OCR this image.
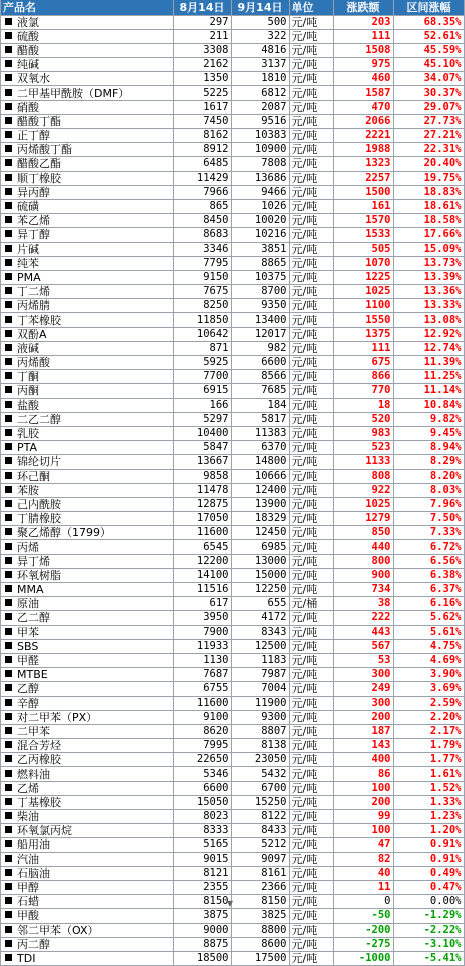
产品名	8月14日	9月14日	单位	涨跌额	区间涨幅
液氯	297	500	元/吨	203	68.35%
硫酸	211	322	元/吨	111	52.61%
醋酸	3308	4816	元/吨	1508	45.59%
纯碱	2162	3137	元/吨	975	45.10%
双氧水	1350	1810	元/吨	460	34.07%
二甲基甲酰胺（DMF）	5225	6812	元/吨	1587	30.37%
硝酸	1617	2087	元/吨	470	29.07%
醋酸丁酯	7450	9516	元/吨	2066	27.73%
正丁醇	8162	10383	元/吨	2221	27.21%
丙烯酸丁酯	8912	10900	元/吨	1988	22.31%
醋酸乙酯	6485	7808	元/吨	1323	20.40%
顺丁橡胶	11429	13686	元/吨	2257	19.75%
异丙醇	7966	9466	元/吨	1500	18.83%
硫磺	865	1026	元/吨	161	18.61%
苯乙烯	8450	10020	元/吨	1570	18.58%
异丁醇	8683	10216	元/吨	1533	17.66%
片碱	3346	3851	元/吨	505	15.09%
纯苯	7795	8865	元/吨	1070	13.73%
PMA	9150	10375	元/吨	1225	13.39%
丁二烯	7675	8700	元/吨	1025	13.36%
丙烯腈	8250	9350	元/吨	1100	13.33%
丁苯橡胶	11850	13400	元/吨	1550	13.08%
双酚A	10642	12017	元/吨	1375	12.92%
液碱	871	982	元/吨	111	12.74%
丙烯酸	5925	6600	元/吨	675	11.39%
丁酮	7700	8566	元/吨	866	11.25%
丙酮	6915	7685	元/吨	770	11.14%
盐酸	166	184	元/吨	18	10.84%
二乙二醇	5297	5817	元/吨	520	9.82%
乳胶	10400	11383	元/吨	983	9.45%
PTA	5847	6370	元/吨	523	8.94%
锦纶切片	13667	14800	元/吨	1133	8.29%
环己酮	9858	10666	元/吨	808	8.20%
苯胺	11478	12400	元/吨	922	8.03%
己内酰胺	12875	13900	元/吨	1025	7.96%
丁腈橡胶	17050	18329	元/吨	1279	7.50%
聚乙烯醇（1799）	11600	12450	元/吨	850	7.33%
丙烯	6545	6985	元/吨	440	6.72%
异丁烯	12200	13000	元/吨	800	6.56%
环氧树脂	14100	15000	元/吨	900	6.38%
MMA	11516	12250	元/吨	734	6.37%
原油	617	655	元/桶	38	6.16%
乙二醇	3950	4172	元/吨	222	5.62%
甲苯	7900	8343	元/吨	443	5.61%
SBS	11933	12500	元/吨	567	4.75%
甲醛	1130	1183	元/吨	53	4.69%
MTBE	7687	7987	元/吨	300	3.90%
乙醇	6755	7004	元/吨	249	3.69%
辛醇	11600	11900	元/吨	300	2.59%
对二甲苯（PX）	9100	9300	元/吨	200	2.20%
二甲苯	8620	8807	元/吨	187	2.17%
混合芳烃	7995	8138	元/吨	143	1.79%
乙丙橡胶	22650	23050	元/吨	400	1.77%
燃料油	5346	5432	元/吨	86	1.61%
乙烯	6600	6700	元/吨	100	1.52%
丁基橡胶	15050	15250	元/吨	200	1.33%
柴油	8023	8122	元/吨	99	1.23%
环氧氯丙烷	8333	8433	元/吨	100	1.20%
船用油	5165	5212	元/吨	47	0.91%
汽油	9015	9097	元/吨	82	0.91%
石脑油	8121	8161	元/吨	40	0.49%
甲醇	2355	2366	元/吨	11	0.47%
石蜡	8150	8150	元/吨	0	0.00%
甲酸	3875	3825	元/吨	-50	-1.29%
邻二甲苯（OX）	9000	8800	元/吨	-200	-2.22%
丙二醇	8875	8600	元/吨	-275	-3.10%
TDI	18500	17500	元/吨	-1000	-5.41%
▼
